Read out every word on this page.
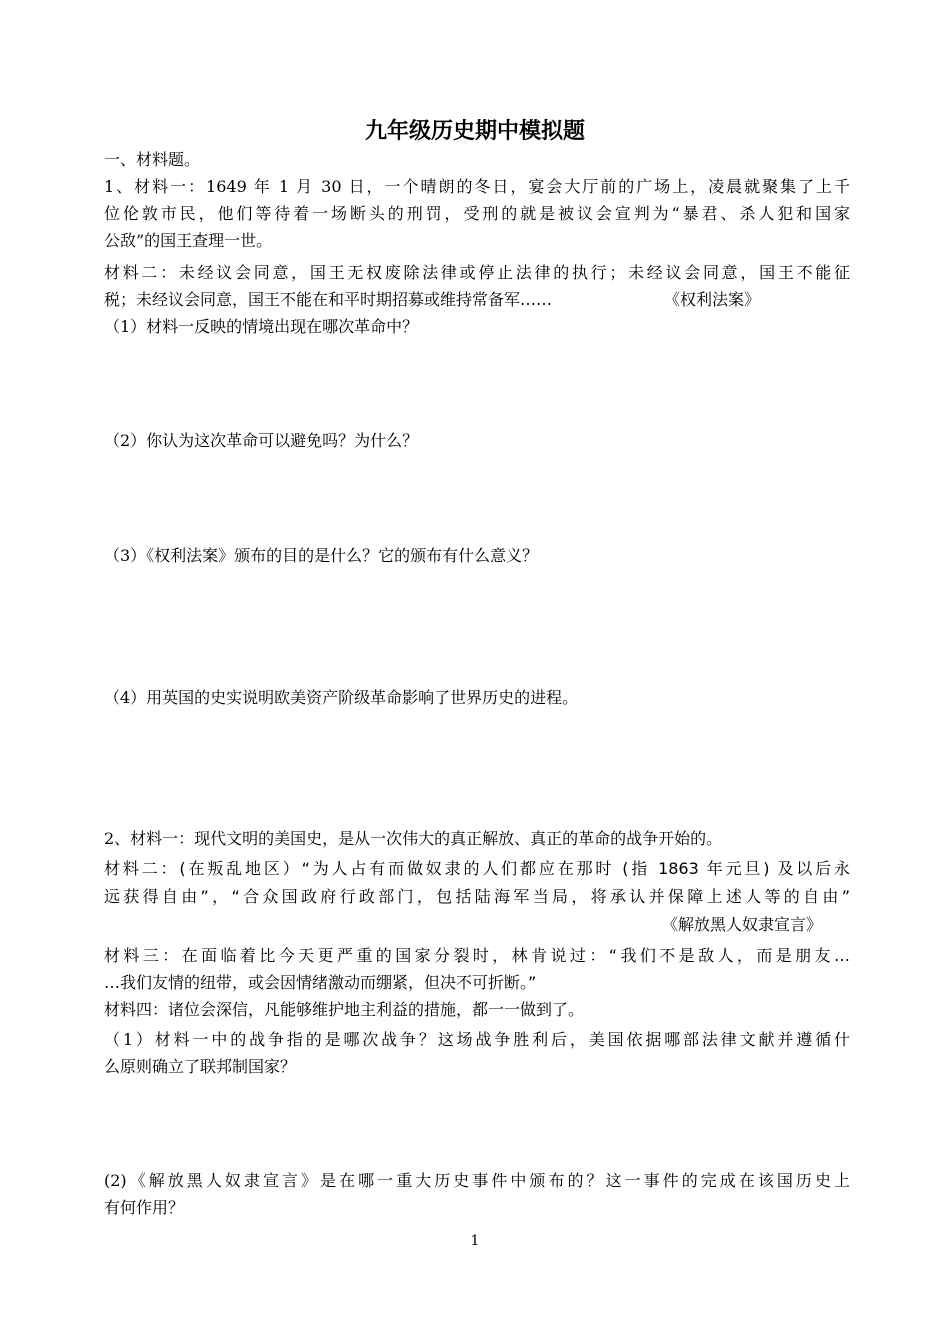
九年级历史期中模拟题

一、材料题。

1、材料一：1649 年 1 月 30 日，一个晴朗的冬日，宴会大厅前的广场上，凌晨就聚集了上千

位伦敦市民，他们等待着一场断头的刑罚，受刑的就是被议会宣判为“暴君、杀人犯和国家

公敌”的国王查理一世。

材料二：未经议会同意，国王无权废除法律或停止法律的执行；未经议会同意，国王不能征

税；未经议会同意，国王不能在和平时期招募或维持常备军……	《权利法案》

（1）材料一反映的情境出现在哪次革命中？

（2）你认为这次革命可以避免吗？为什么？

（3）《权利法案》颁布的目的是什么？它的颁布有什么意义？

（4）用英国的史实说明欧美资产阶级革命影响了世界历史的进程。

2、材料一：现代文明的美国史，是从一次伟大的真正解放、真正的革命的战争开始的。

材料二：(在叛乱地区）“为人占有而做奴隶的人们都应在那时 (指 1863 年元旦) 及以后永

远获得自由”，“合众国政府行政部门，包括陆海军当局，将承认并保障上述人等的自由”

《解放黑人奴隶宣言》

材料三：在面临着比今天更严重的国家分裂时，林肯说过：“我们不是敌人，而是朋友…

…我们友情的纽带，或会因情绪激动而绷紧，但决不可折断。”

材料四：诸位会深信，凡能够维护地主利益的措施，都一一做到了。

（1）材料一中的战争指的是哪次战争？这场战争胜利后，美国依据哪部法律文献并遵循什

么原则确立了联邦制国家？

(2)《解放黑人奴隶宣言》是在哪一重大历史事件中颁布的？这一事件的完成在该国历史上

有何作用？

1
